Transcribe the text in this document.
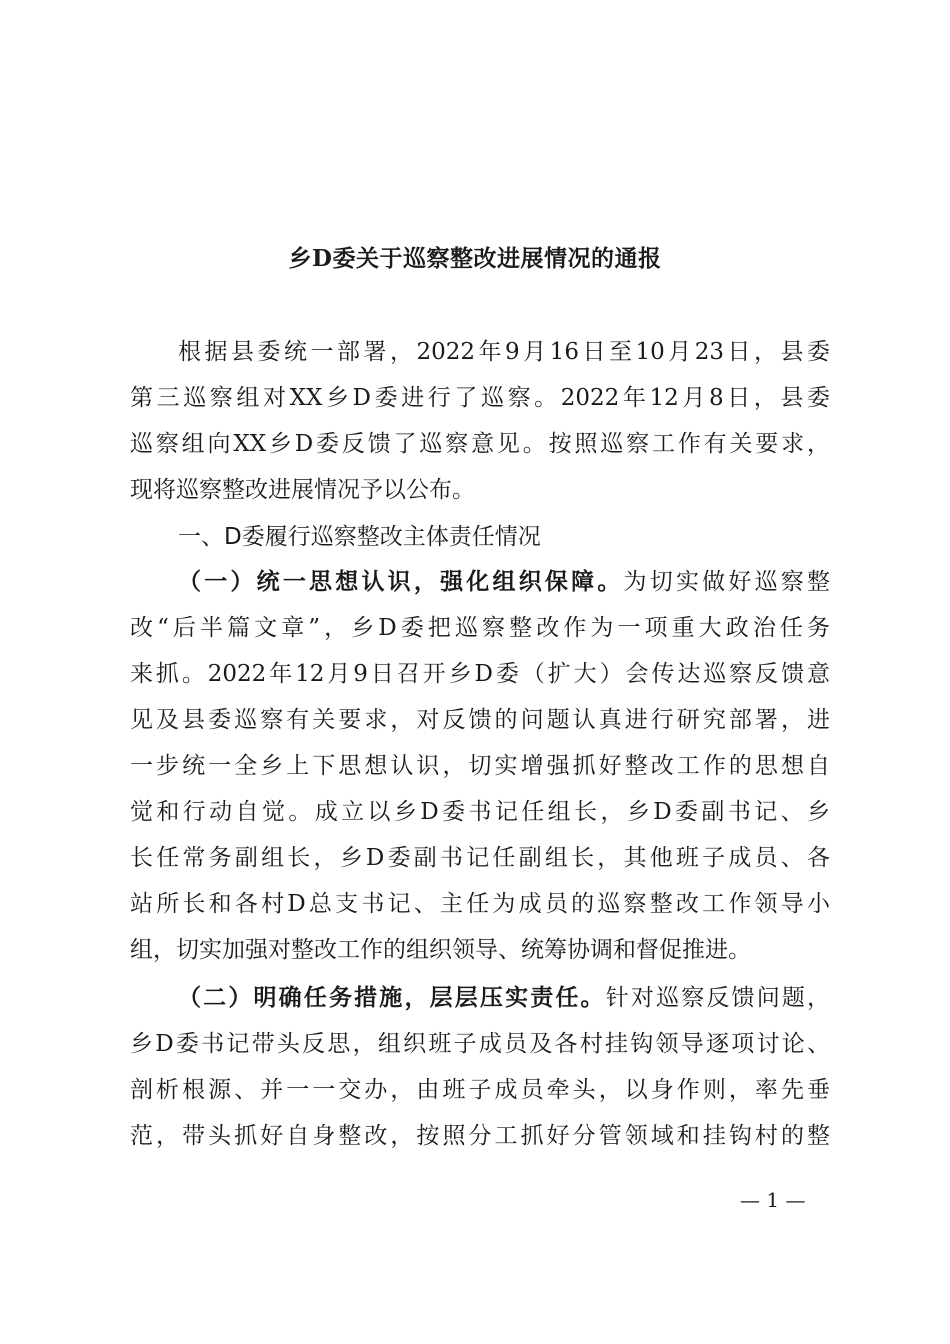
乡D委关于巡察整改进展情况的通报
根据县委统一部署，2022年9月16日至10月23日，县委
第三巡察组对XX乡D委进行了巡察。2022年12月8日，县委
巡察组向XX乡D委反馈了巡察意见。按照巡察工作有关要求，
现将巡察整改进展情况予以公布。
一、D委履行巡察整改主体责任情况
（一）统一思想认识，强化组织保障。为切实做好巡察整
改“后半篇文章”，乡D委把巡察整改作为一项重大政治任务
来抓。2022年12月9日召开乡D委（扩大）会传达巡察反馈意
见及县委巡察有关要求，对反馈的问题认真进行研究部署，进
一步统一全乡上下思想认识，切实增强抓好整改工作的思想自
觉和行动自觉。成立以乡D委书记任组长，乡D委副书记、乡
长任常务副组长，乡D委副书记任副组长，其他班子成员、各
站所长和各村D总支书记、主任为成员的巡察整改工作领导小
组，切实加强对整改工作的组织领导、统筹协调和督促推进。
（二）明确任务措施，层层压实责任。针对巡察反馈问题，
乡D委书记带头反思，组织班子成员及各村挂钩领导逐项讨论、
剖析根源、并一一交办，由班子成员牵头，以身作则，率先垂
范，带头抓好自身整改，按照分工抓好分管领域和挂钩村的整
— 1 —
